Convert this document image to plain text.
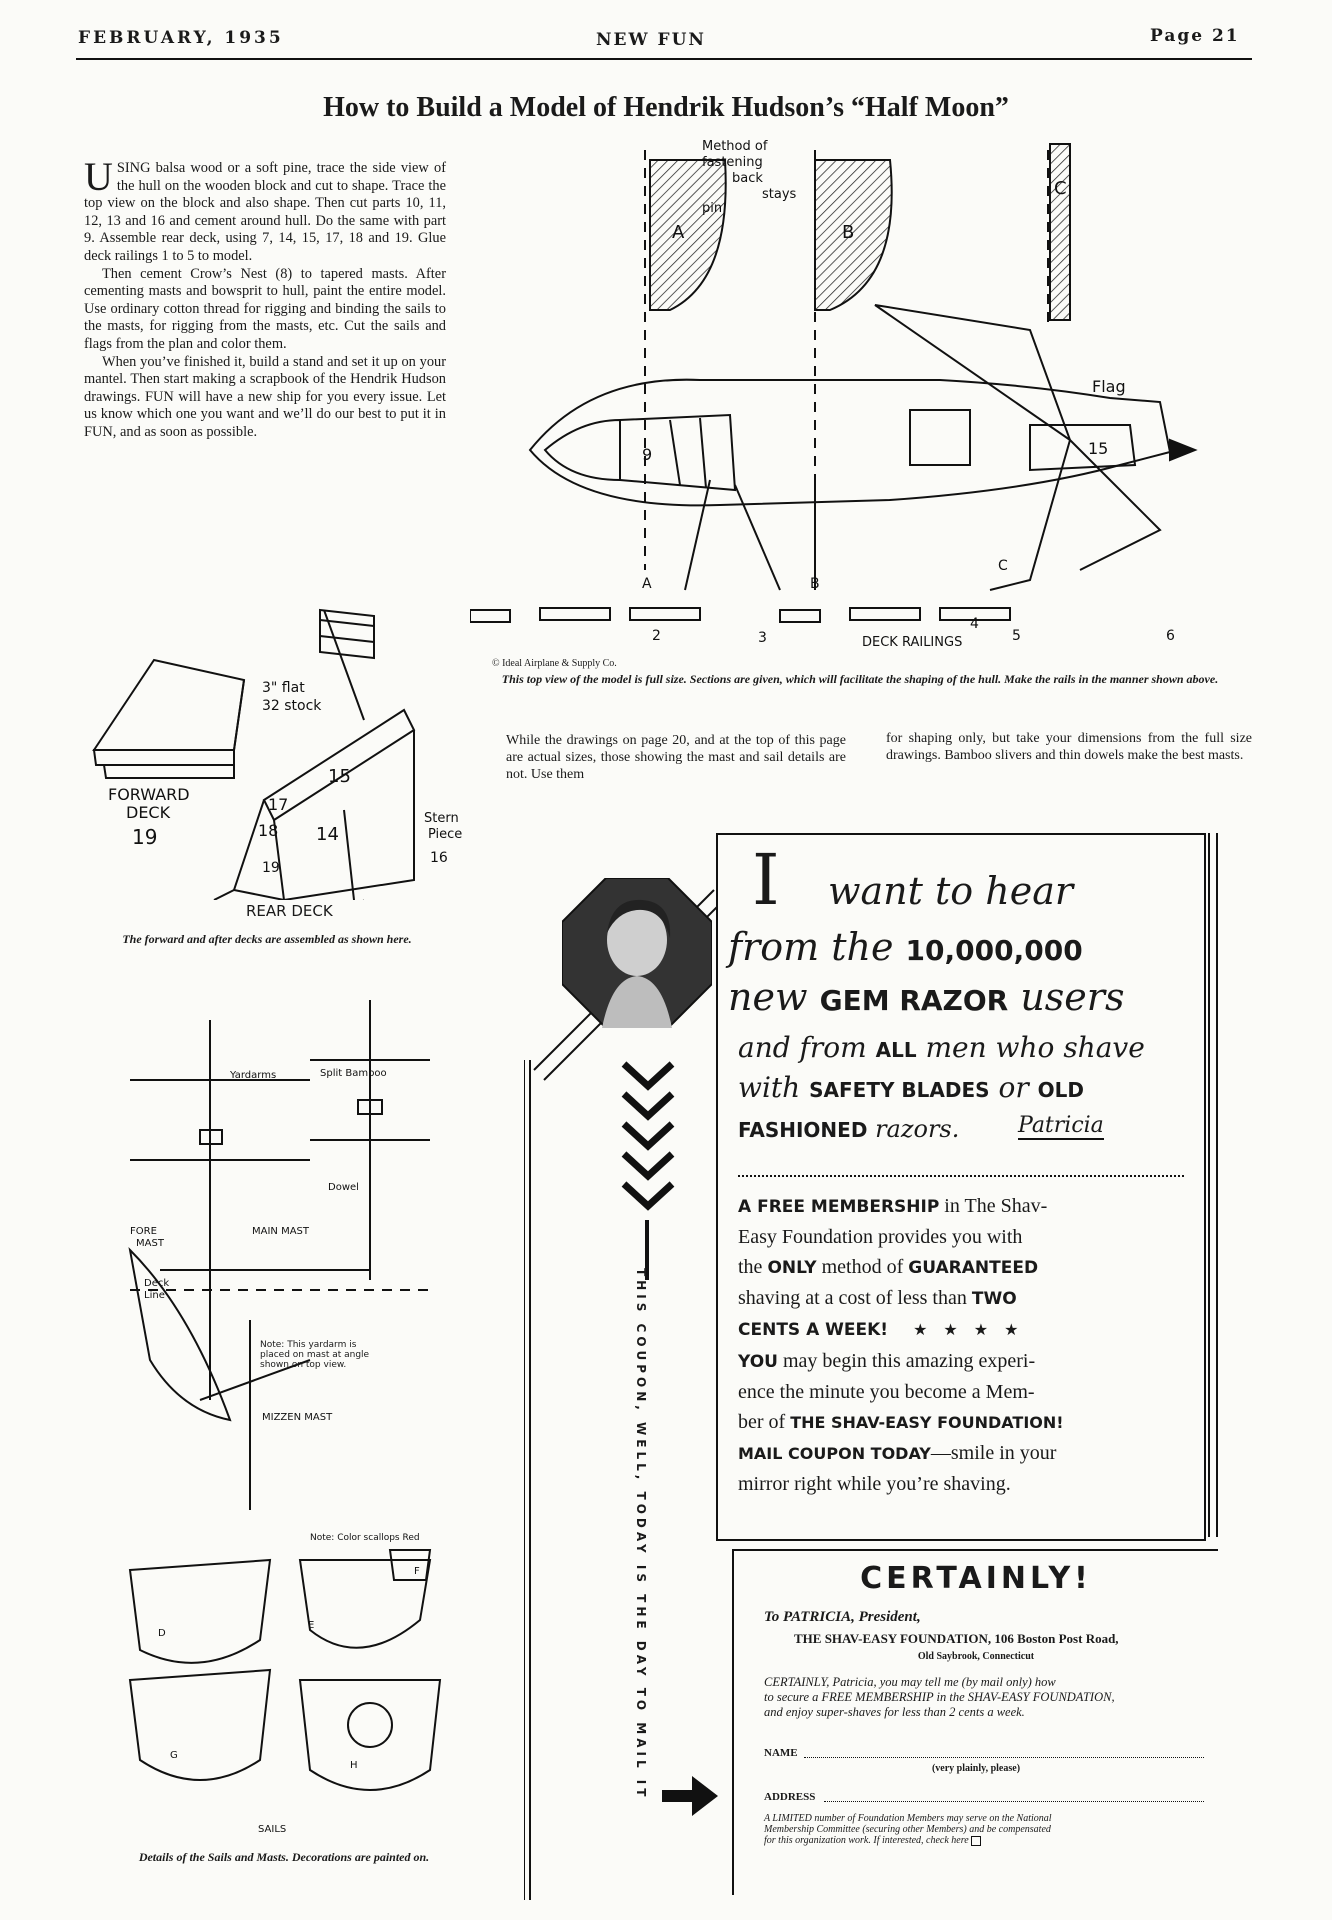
FEBRUARY, 1935	NEW FUN	Page 21
How to Build a Model of Hendrik Hudson’s “Half Moon”

USING balsa wood or a soft pine, trace the side view of the hull on the wooden block and cut to shape. Trace the top view on the block and also shape. Then cut parts 10, 11, 12, 13 and 16 and cement around hull. Do the same with part 9. Assemble rear deck, using 7, 14, 15, 17, 18 and 19. Glue deck railings 1 to 5 to model.

Then cement Crow’s Nest (8) to tapered masts. After cementing masts and bowsprit to hull, paint the entire model. Use ordinary cotton thread for rigging and binding the sails to the masts, for rigging from the masts, etc. Cut the sails and flags from the plan and color them.

When you’ve finished it, build a stand and set it up on your mantel. Then start making a scrapbook of the Hendrik Hudson drawings. FUN will have a new ship for you every issue. Let us know which one you want and we’ll do our best to put it in FUN, and as soon as possible.

Method of
fastening
back
stays
pin
A	B
C
Flag
9	15
A	B
C
DECK RAILINGS
2	3
4
5	6
© Ideal Airplane & Supply Co.
This top view of the model is full size. Sections are given, which will facilitate the shaping of the hull. Make the rails in the manner shown above.
While the drawings on page 20, and at the top of this page are actual sizes, those showing the mast and sail details are not. Use them
for shaping only, but take your dimensions from the full size drawings. Bamboo slivers and thin dowels make the best masts.
3" flat
32 stock
FORWARD
DECK
19
15
17
14
18
19
Stern
Piece
16
REAR DECK
The forward and after decks are assembled as shown here.
Yardarms	Split Bamboo
Dowel
FORE
MAST
MAIN MAST
Deck
Line
Note: This yardarm is placed on mast at angle shown on top view.
MIZZEN MAST
Note: Color scallops Red
D
E
F
G
H
SAILS
Details of the Sails and Masts. Decorations are painted on.
THIS COUPON, WELL, TODAY IS THE DAY TO MAIL IT
I want to hear
from the 10,000,000
new GEM RAZOR users
and from ALL men who shave
with SAFETY BLADES or OLD
FASHIONED razors.	Patricia
A FREE MEMBERSHIP in The Shav-
Easy Foundation provides you with
the ONLY method of GUARANTEED
shaving at a cost of less than TWO
CENTS A WEEK! ★ ★ ★ ★
YOU may begin this amazing experi-
ence the minute you become a Mem-
ber of THE SHAV-EASY FOUNDATION!
MAIL COUPON TODAY—smile in your
mirror right while you’re shaving.
CERTAINLY!
To PATRICIA, President,
THE SHAV-EASY FOUNDATION, 106 Boston Post Road,
Old Saybrook, Connecticut
CERTAINLY, Patricia, you may tell me (by mail only) how
to secure a FREE MEMBERSHIP in the SHAV-EASY FOUNDATION,
and enjoy super-shaves for less than 2 cents a week.
NAME
(very plainly, please)
ADDRESS
A LIMITED number of Foundation Members may serve on the National
Membership Committee (securing other Members) and be compensated
for this organization work. If interested, check here
